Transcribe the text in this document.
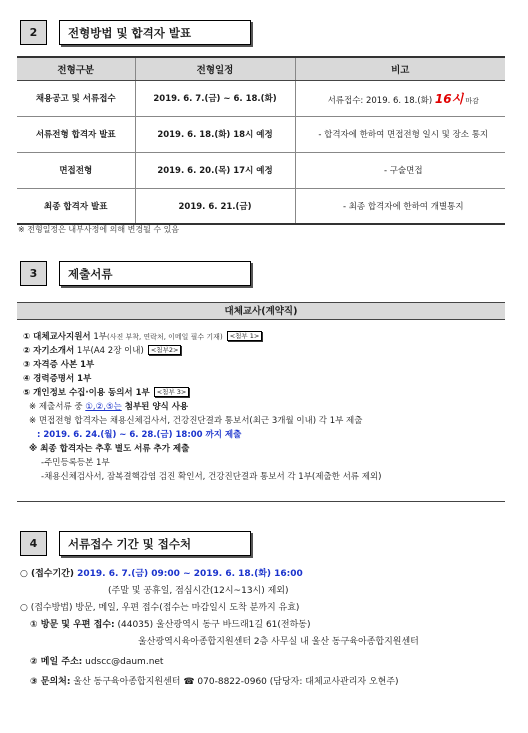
2	전형방법 및 합격자 발표
전형구분	전형일정	비고
채용공고 및 서류접수	2019. 6. 7.(금) ~ 6. 18.(화)	서류접수: 2019. 6. 18.(화) 16시 마감
서류전형 합격자 발표	2019. 6. 18.(화) 18시 예정	- 합격자에 한하여 면접전형 일시 및 장소 통지
면접전형	2019. 6. 20.(목) 17시 예정	- 구술면접
최종 합격자 발표	2019. 6. 21.(금)	- 최종 합격자에 한하여 개별통지
※ 전형일정은 내부사정에 의해 변경될 수 있음
3	제출서류
대체교사(계약직)
① 대체교사지원서 1부(사진 부착, 연락처, 이메일 필수 기재) <첨부 1>
② 자기소개서 1부(A4 2장 이내) <첨부2>
③ 자격증 사본 1부
④ 경력증명서 1부
⑤ 개인정보 수집·이용 동의서 1부 <첨부 3>
※ 제출서류 중 ①,②,⑤는 첨부된 양식 사용
※ 면접전형 합격자는 채용신체검사서, 건강진단결과 통보서(최근 3개월 이내) 각 1부 제출
: 2019. 6. 24.(월) ~ 6. 28.(금) 18:00 까지 제출
※ 최종 합격자는 추후 별도 서류 추가 제출
-주민등록등본 1부
-채용신체검사서, 잠복결핵감염 검진 확인서, 건강진단결과 통보서 각 1부(제출한 서류 제외)
4	서류접수 기간 및 접수처
○ (접수기간) 2019. 6. 7.(금) 09:00 ~ 2019. 6. 18.(화) 16:00
(주말 및 공휴일, 점심시간(12시~13시) 제외)
○ (접수방법) 방문, 메일, 우편 접수(접수는 마감일시 도착 분까지 유효)
① 방문 및 우편 접수: (44035) 울산광역시 동구 바드래1길 61(전하동)
울산광역시육아종합지원센터 2층 사무실 내 울산 동구육아종합지원센터
② 메일 주소: udscc@daum.net
③ 문의처: 울산 동구육아종합지원센터 ☎ 070-8822-0960 (담당자: 대체교사관리자 오현주)
